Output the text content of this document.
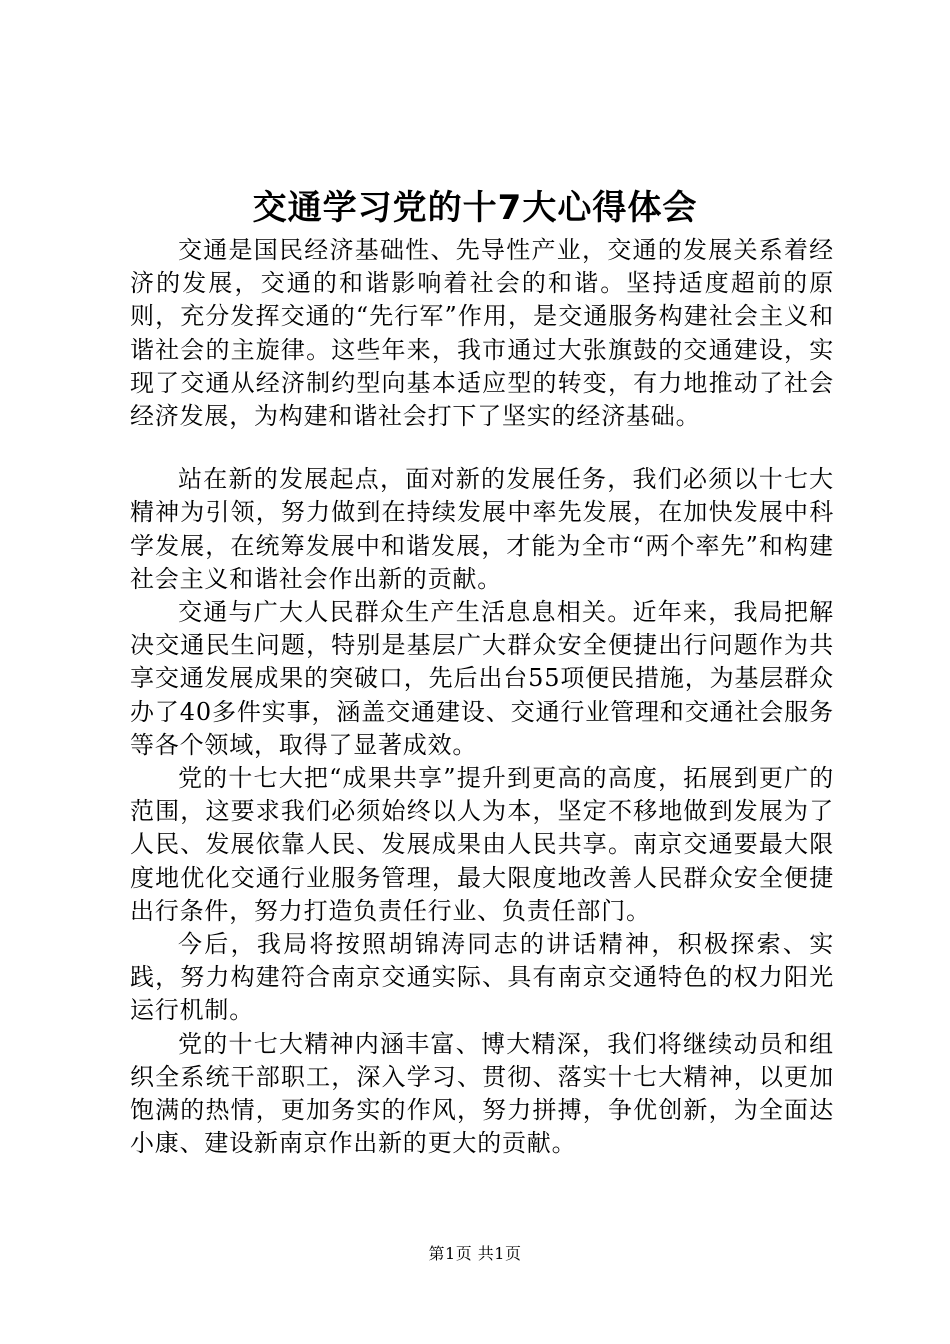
交通学习党的十7大心得体会

交通是国民经济基础性、先导性产业，交通的发展关系着经济的发展，交通的和谐影响着社会的和谐。坚持适度超前的原则，充分发挥交通的“先行军”作用，是交通服务构建社会主义和谐社会的主旋律。这些年来，我市通过大张旗鼓的交通建设，实现了交通从经济制约型向基本适应型的转变，有力地推动了社会经济发展，为构建和谐社会打下了坚实的经济基础。

站在新的发展起点，面对新的发展任务，我们必须以十七大精神为引领，努力做到在持续发展中率先发展，在加快发展中科学发展，在统筹发展中和谐发展，才能为全市“两个率先”和构建社会主义和谐社会作出新的贡献。

交通与广大人民群众生产生活息息相关。近年来，我局把解决交通民生问题，特别是基层广大群众安全便捷出行问题作为共享交通发展成果的突破口，先后出台55项便民措施，为基层群众办了40多件实事，涵盖交通建设、交通行业管理和交通社会服务等各个领域，取得了显著成效。

党的十七大把“成果共享”提升到更高的高度，拓展到更广的范围，这要求我们必须始终以人为本，坚定不移地做到发展为了人民、发展依靠人民、发展成果由人民共享。南京交通要最大限度地优化交通行业服务管理，最大限度地改善人民群众安全便捷出行条件，努力打造负责任行业、负责任部门。

今后，我局将按照胡锦涛同志的讲话精神，积极探索、实践，努力构建符合南京交通实际、具有南京交通特色的权力阳光运行机制。

党的十七大精神内涵丰富、博大精深，我们将继续动员和组织全系统干部职工，深入学习、贯彻、落实十七大精神，以更加饱满的热情，更加务实的作风，努力拼搏，争优创新，为全面达小康、建设新南京作出新的更大的贡献。

第1页 共1页
